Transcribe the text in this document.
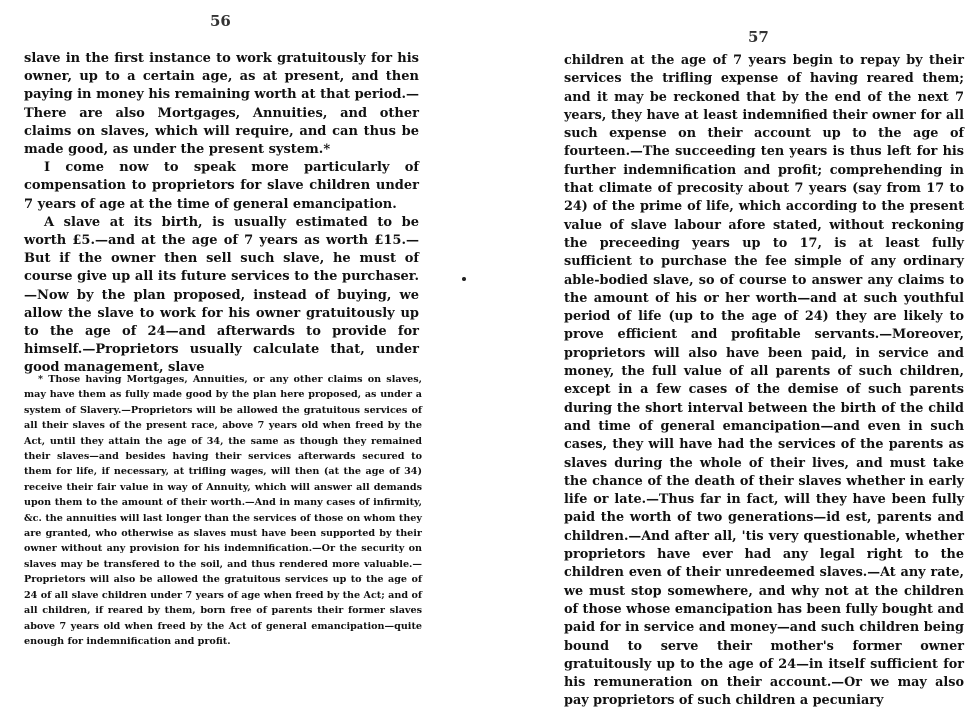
56

slave in the first instance to work gratuitously for his owner, up to a certain age, as at present, and then paying in money his remaining worth at that period.—There are also Mortgages, Annuities, and other claims on slaves, which will require, and can thus be made good, as under the present system.*

I come now to speak more particularly of compensation to proprietors for slave children under 7 years of age at the time of general emancipation.

A slave at its birth, is usually estimated to be worth £5.—and at the age of 7 years as worth £15.—But if the owner then sell such slave, he must of course give up all its future services to the purchaser.—Now by the plan proposed, instead of buying, we allow the slave to work for his owner gratuitously up to the age of 24—and afterwards to provide for himself.—Proprietors usually calculate that, under good management, slave

* Those having Mortgages, Annuities, or any other claims on slaves, may have them as fully made good by the plan here proposed, as under a system of Slavery.—Proprietors will be allowed the gratuitous services of all their slaves of the present race, above 7 years old when freed by the Act, until they attain the age of 34, the same as though they remained their slaves—and besides having their services afterwards secured to them for life, if necessary, at trifling wages, will then (at the age of 34) receive their fair value in way of Annuity, which will answer all demands upon them to the amount of their worth.—And in many cases of infirmity, &c. the annuities will last longer than the services of those on whom they are granted, who otherwise as slaves must have been supported by their owner without any provision for his indemnification.—Or the security on slaves may be transfered to the soil, and thus rendered more valuable.—Proprietors will also be allowed the gratuitous services up to the age of 24 of all slave children under 7 years of age when freed by the Act; and of all children, if reared by them, born free of parents their former slaves above 7 years old when freed by the Act of general emancipation—quite enough for indemnification and profit.

57

children at the age of 7 years begin to repay by their services the trifling expense of having reared them; and it may be reckoned that by the end of the next 7 years, they have at least indemnified their owner for all such expense on their account up to the age of fourteen.—The succeeding ten years is thus left for his further indemnification and profit; comprehending in that climate of precosity about 7 years (say from 17 to 24) of the prime of life, which according to the present value of slave labour afore stated, without reckoning the preceeding years up to 17, is at least fully sufficient to purchase the fee simple of any ordinary able-bodied slave, so of course to answer any claims to the amount of his or her worth—and at such youthful period of life (up to the age of 24) they are likely to prove efficient and profitable servants.—Moreover, proprietors will also have been paid, in service and money, the full value of all parents of such children, except in a few cases of the demise of such parents during the short interval between the birth of the child and time of general emancipation—and even in such cases, they will have had the services of the parents as slaves during the whole of their lives, and must take the chance of the death of their slaves whether in early life or late.—Thus far in fact, will they have been fully paid the worth of two generations—id est, parents and children.—And after all, 'tis very questionable, whether proprietors have ever had any legal right to the children even of their unredeemed slaves.—At any rate, we must stop somewhere, and why not at the children of those whose emancipation has been fully bought and paid for in service and money—and such children being bound to serve their mother's former owner gratuitously up to the age of 24—in itself sufficient for his remuneration on their account.—Or we may also pay proprietors of such children a pecuniary
